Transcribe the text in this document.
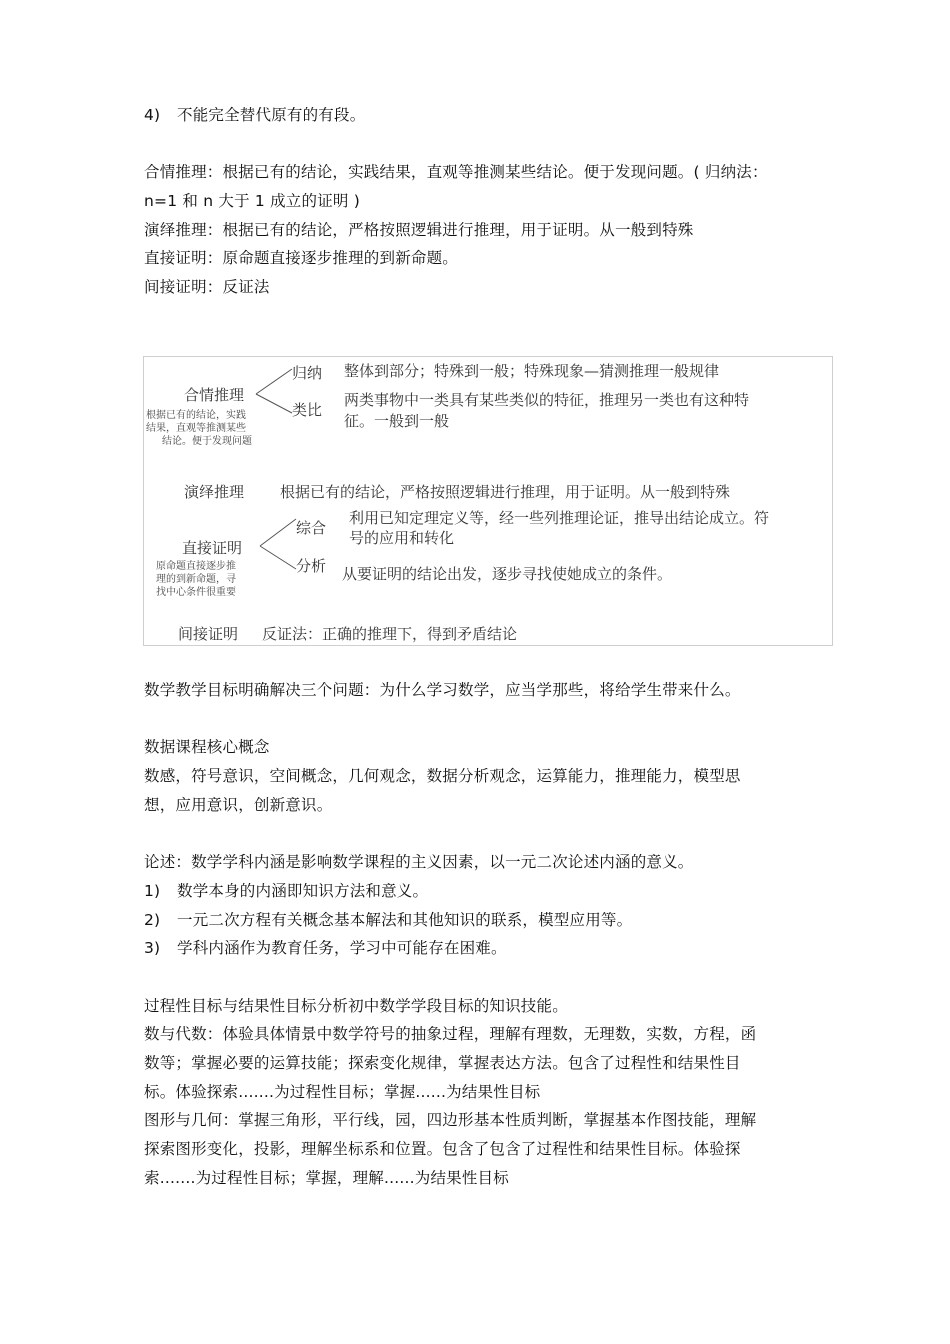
4) 不能完全替代原有的有段。
合情推理：根据已有的结论，实践结果，直观等推测某些结论。便于发现问题。( 归纳法：
n=1 和 n 大于 1 成立的证明 )
演绎推理：根据已有的结论，严格按照逻辑进行推理，用于证明。从一般到特殊
直接证明：原命题直接逐步推理的到新命题。
间接证明：反证法
合情推理
根据已有的结论，实践
结果，直观等推测某些
结论。便于发现问题
归纳 整体到部分；特殊到一般；特殊现象—猜测推理一般规律
类比
两类事物中一类具有某些类似的特征，推理另一类也有这种特
征。一般到一般
演绎推理 根据已有的结论，严格按照逻辑进行推理，用于证明。从一般到特殊
直接证明
原命题直接逐步推
理的到新命题，寻
找中心条件很重要
综合
利用已知定理定义等，经一些列推理论证，推导出结论成立。符
号的应用和转化
分析 从要证明的结论出发，逐步寻找使她成立的条件。
间接证明 反证法：正确的推理下，得到矛盾结论
数学教学目标明确解决三个问题：为什么学习数学，应当学那些，将给学生带来什么。
数据课程核心概念
数感，符号意识，空间概念，几何观念，数据分析观念，运算能力，推理能力，模型思
想，应用意识，创新意识。
论述：数学学科内涵是影响数学课程的主义因素，以一元二次论述内涵的意义。
1) 数学本身的内涵即知识方法和意义。
2) 一元二次方程有关概念基本解法和其他知识的联系，模型应用等。
3) 学科内涵作为教育任务，学习中可能存在困难。
过程性目标与结果性目标分析初中数学学段目标的知识技能。
数与代数：体验具体情景中数学符号的抽象过程，理解有理数，无理数，实数，方程，函
数等；掌握必要的运算技能；探索变化规律，掌握表达方法。包含了过程性和结果性目
标。体验探索.......为过程性目标；掌握......为结果性目标
图形与几何：掌握三角形，平行线，园，四边形基本性质判断，掌握基本作图技能，理解
探索图形变化，投影，理解坐标系和位置。包含了包含了过程性和结果性目标。体验探
索.......为过程性目标；掌握，理解......为结果性目标
